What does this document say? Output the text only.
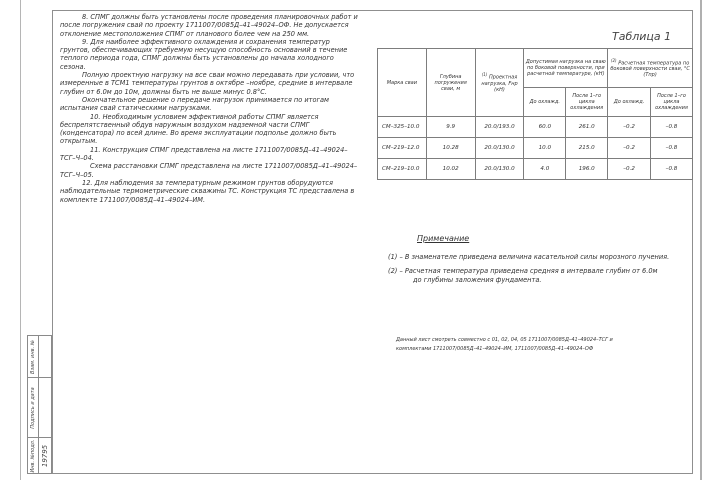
8. СПМГ должны быть установлены после проведения планировочных работ и после погружения свай по проекту 1711007/0085Д–41–49024–ОФ. Не допускается отклонение местоположения СПМГ от планового более чем на 250 мм.

9. Для наиболее эффективного охлаждения и сохранения температур грунтов, обеспечивающих требуемую несущую способность оснований в течение теплого периода года, СПМГ должны быть установлены до начала холодного сезона.

Полную проектную нагрузку на все сваи можно передавать при условии, что измеренные в ТСМ1 температуры грунтов в октябре –ноябре, средние в интервале глубин от 6.0м до 10м, должны быть не выше минус 0.8°С.

Окончательное решение о передаче нагрузок принимается по итогам испытания свай статическими нагрузками.

10. Необходимым условием эффективной работы СПМГ является беспрепятственный обдув наружным воздухом надземной части СПМГ (конденсатора) по всей длине. Во время эксплуатации подполье должно быть открытым.

11. Конструкция СПМГ представлена на листе 1711007/0085Д–41–49024–ТСГ–Ч–04.

Схема расстановки СПМГ представлена на листе 1711007/0085Д–41–49024–ТСГ–Ч–05.

12. Для наблюдения за температурным режимом грунтов оборудуются наблюдательные термометрические скважины ТС. Конструкция ТС представлена в комплекте 1711007/0085Д–41–49024–ИМ.

Таблица 1
Марка сваи	Глубина погружения сваи, м	$^{(1)}$ Проектная нагрузка, Fнр (кН)	Допустимая нагрузка на сваю по боковой поверхности, при расчетной температуре, (кН)		$^{(2)}$ Расчетная температура по боковой поверхности сваи, °С (Tпр)	
			До охлажд.	После 1–го цикла охлаждения	До охлажд.	После 1–го цикла охлаждения
СМ–325–10.0	9.9	20.0/193.0	60.0	261.0	–0.2	–0.8
СМ–219–12.0	10.28	20.0/130.0	10.0	215.0	–0.2	–0.8
СМ–219–10.0	10.02	20.0/130.0	4.0	196.0	–0.2	–0.8
Примечание
(1) – В знаменателе приведена величина касательной силы морозного пучения.
(2) – Расчетная температура приведена средняя в интервале глубин от 6.0м
до глубины заложения фундамента.
Данный лист смотреть совместно с 01, 02, 04, 05 1711007/0085Д–41–49024–ТСГ и
комплектами 1711007/0085Д–41–49024–ИМ, 1711007/0085Д–41–49024–ОФ
Взам. инв. №
Подпись и дата
Инв. №подл. 19795
